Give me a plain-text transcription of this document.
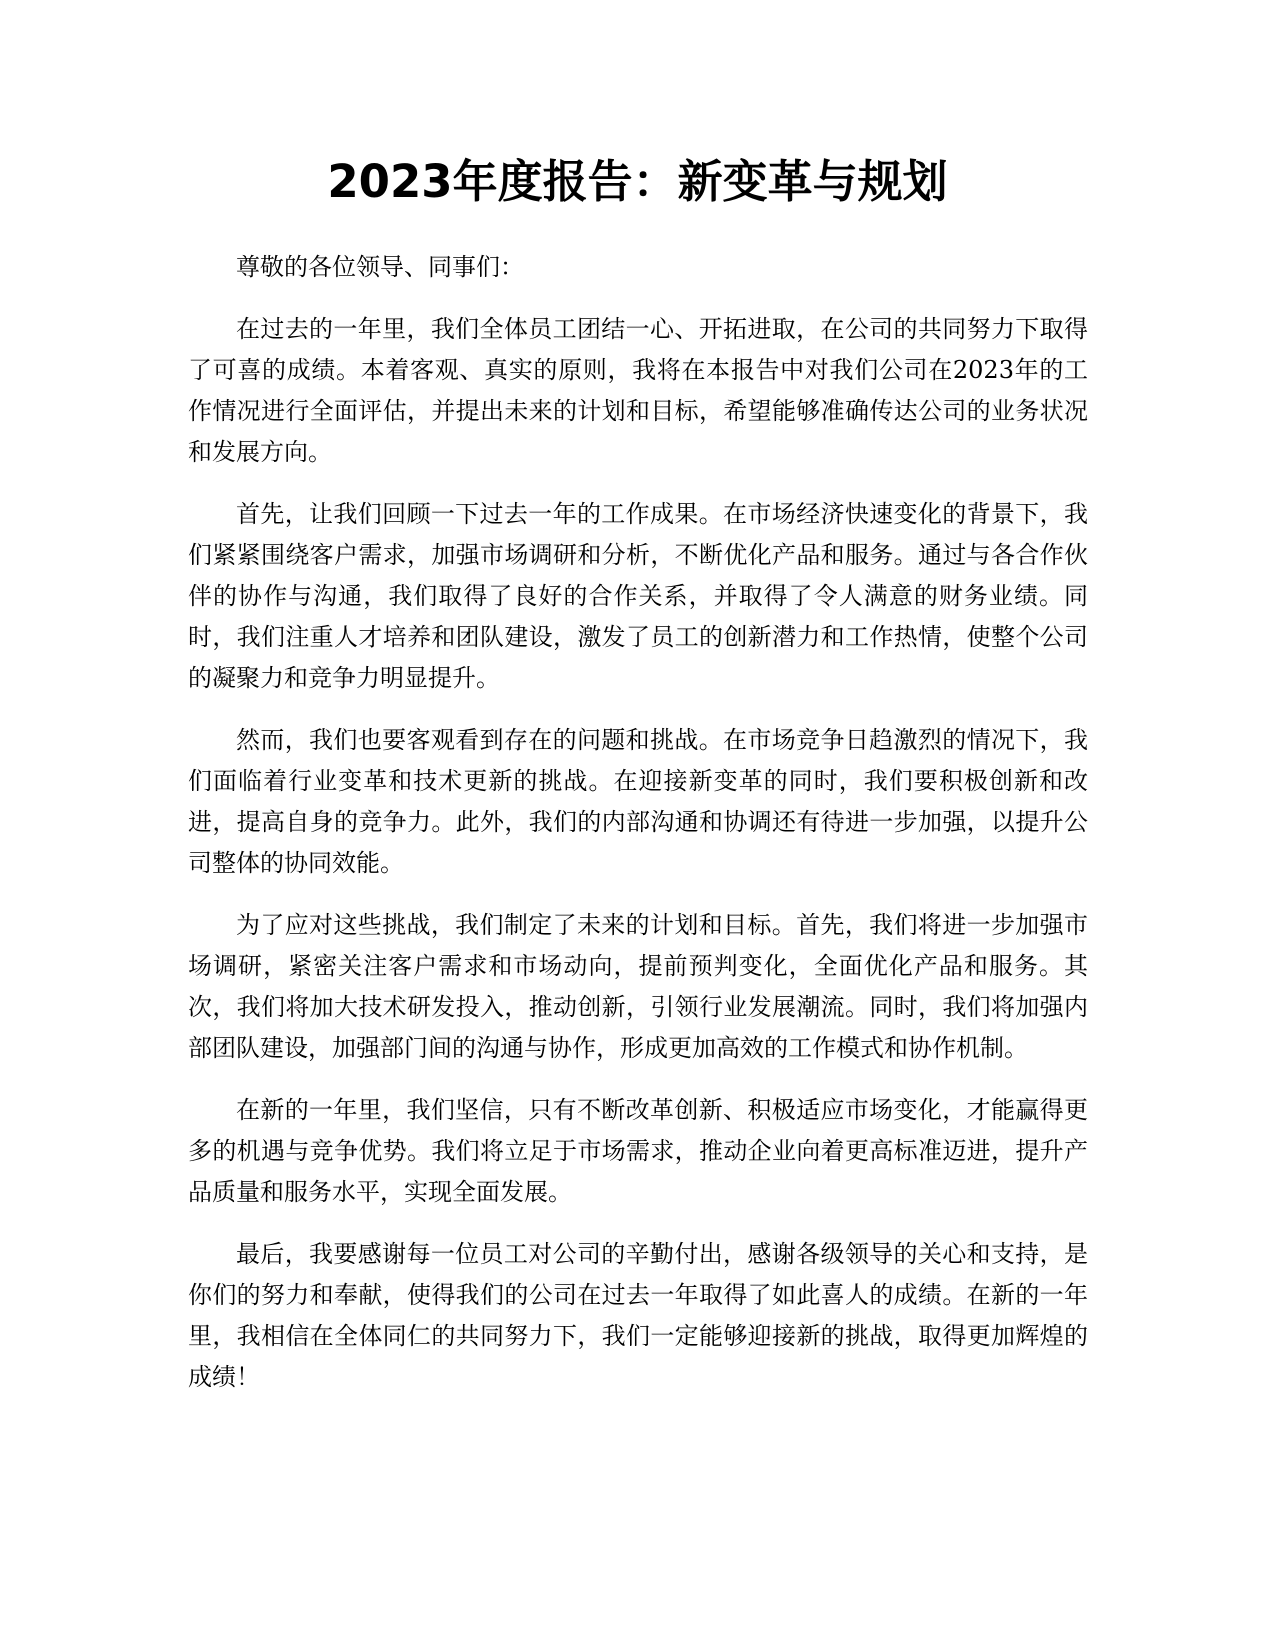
2023年度报告：新变革与规划

尊敬的各位领导、同事们：

在过去的一年里，我们全体员工团结一心、开拓进取，在公司的共同努力下取得了可喜的成绩。本着客观、真实的原则，我将在本报告中对我们公司在2023年的工作情况进行全面评估，并提出未来的计划和目标，希望能够准确传达公司的业务状况和发展方向。

首先，让我们回顾一下过去一年的工作成果。在市场经济快速变化的背景下，我们紧紧围绕客户需求，加强市场调研和分析，不断优化产品和服务。通过与各合作伙伴的协作与沟通，我们取得了良好的合作关系，并取得了令人满意的财务业绩。同时，我们注重人才培养和团队建设，激发了员工的创新潜力和工作热情，使整个公司的凝聚力和竞争力明显提升。

然而，我们也要客观看到存在的问题和挑战。在市场竞争日趋激烈的情况下，我们面临着行业变革和技术更新的挑战。在迎接新变革的同时，我们要积极创新和改进，提高自身的竞争力。此外，我们的内部沟通和协调还有待进一步加强，以提升公司整体的协同效能。

为了应对这些挑战，我们制定了未来的计划和目标。首先，我们将进一步加强市场调研，紧密关注客户需求和市场动向，提前预判变化，全面优化产品和服务。其次，我们将加大技术研发投入，推动创新，引领行业发展潮流。同时，我们将加强内部团队建设，加强部门间的沟通与协作，形成更加高效的工作模式和协作机制。

在新的一年里，我们坚信，只有不断改革创新、积极适应市场变化，才能赢得更多的机遇与竞争优势。我们将立足于市场需求，推动企业向着更高标准迈进，提升产品质量和服务水平，实现全面发展。

最后，我要感谢每一位员工对公司的辛勤付出，感谢各级领导的关心和支持，是你们的努力和奉献，使得我们的公司在过去一年取得了如此喜人的成绩。在新的一年里，我相信在全体同仁的共同努力下，我们一定能够迎接新的挑战，取得更加辉煌的成绩！
